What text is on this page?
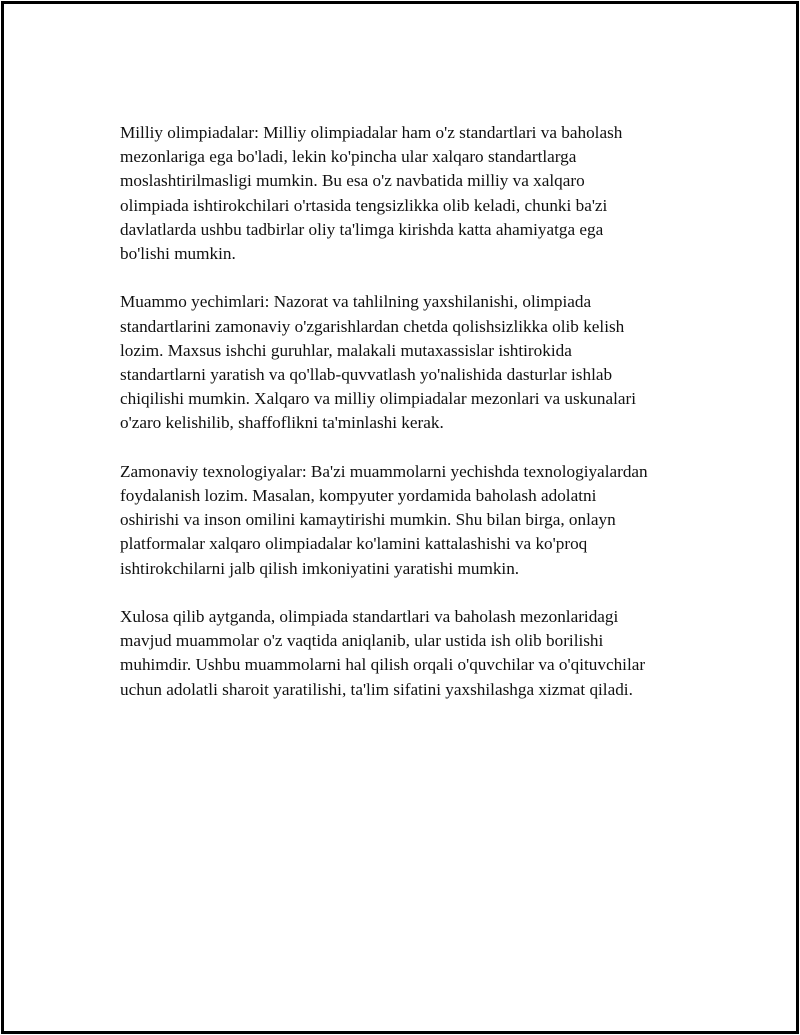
Milliy olimpiadalar: Milliy olimpiadalar ham o'z standartlari va baholash
mezonlariga ega bo'ladi, lekin ko'pincha ular xalqaro standartlarga
moslashtirilmasligi mumkin. Bu esa o'z navbatida milliy va xalqaro
olimpiada ishtirokchilari o'rtasida tengsizlikka olib keladi, chunki ba'zi
davlatlarda ushbu tadbirlar oliy ta'limga kirishda katta ahamiyatga ega
bo'lishi mumkin.

Muammo yechimlari: Nazorat va tahlilning yaxshilanishi, olimpiada
standartlarini zamonaviy o'zgarishlardan chetda qolishsizlikka olib kelish
lozim. Maxsus ishchi guruhlar, malakali mutaxassislar ishtirokida
standartlarni yaratish va qo'llab-quvvatlash yo'nalishida dasturlar ishlab
chiqilishi mumkin. Xalqaro va milliy olimpiadalar mezonlari va uskunalari
o'zaro kelishilib, shaffoflikni ta'minlashi kerak.

Zamonaviy texnologiyalar: Ba'zi muammolarni yechishda texnologiyalardan
foydalanish lozim. Masalan, kompyuter yordamida baholash adolatni
oshirishi va inson omilini kamaytirishi mumkin. Shu bilan birga, onlayn
platformalar xalqaro olimpiadalar ko'lamini kattalashishi va ko'proq
ishtirokchilarni jalb qilish imkoniyatini yaratishi mumkin.

Xulosa qilib aytganda, olimpiada standartlari va baholash mezonlaridagi
mavjud muammolar o'z vaqtida aniqlanib, ular ustida ish olib borilishi
muhimdir. Ushbu muammolarni hal qilish orqali o'quvchilar va o'qituvchilar
uchun adolatli sharoit yaratilishi, ta'lim sifatini yaxshilashga xizmat qiladi.
